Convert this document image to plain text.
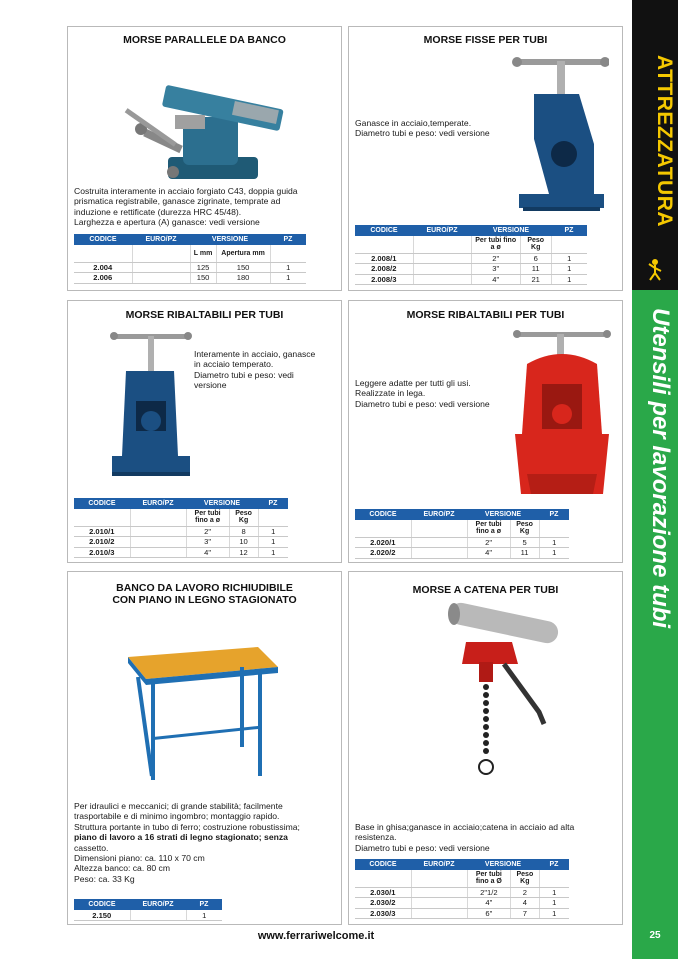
MORSE PARALLELE DA BANCO
Costruita interamente in acciaio forgiato C43, doppia guida
prismatica registrabile, ganasce zigrinate, temprate ad
induzione e rettificate (durezza HRC 45/48).
Larghezza e apertura (A) ganasce: vedi versione
CODICE	EURO/PZ	VERSIONE		PZ
		L mm	Apertura mm	
2.004		125	150	1
2.006		150	180	1
MORSE FISSE PER TUBI
Ganasce in acciaio,temperate.
Diametro tubi e peso: vedi versione
CODICE	EURO/PZ	VERSIONE		PZ
		Per tubi fino a ø	Peso Kg	
2.008/1		2"	6	1
2.008/2		3"	11	1
2.008/3		4"	21	1
MORSE RIBALTABILI PER TUBI
Interamente in acciaio, ganasce
in acciaio temperato.
Diametro tubi e peso: vedi
versione
CODICE	EURO/PZ	VERSIONE		PZ
		Per tubi fino a ø	Peso Kg	
2.010/1		2"	8	1
2.010/2		3"	10	1
2.010/3		4"	12	1
MORSE RIBALTABILI PER TUBI
Leggere adatte per tutti gli usi.
Realizzate in lega.
Diametro tubi e peso: vedi versione
CODICE	EURO/PZ	VERSIONE		PZ
		Per tubi fino a ø	Peso Kg	
2.020/1		2"	5	1
2.020/2		4"	11	1
BANCO DA LAVORO RICHIUDIBILE
CON PIANO IN LEGNO STAGIONATO
Per idraulici e meccanici; di grande stabilità; facilmente
trasportabile e di minimo ingombro; montaggio rapido.
Struttura portante in tubo di ferro; costruzione robustissima;
piano di lavoro a 16 strati di legno stagionato; senza
cassetto.
Dimensioni piano: ca. 110 x 70 cm
Altezza banco: ca. 80 cm
Peso: ca. 33 Kg
CODICE	EURO/PZ	PZ
2.150		1
MORSE A CATENA PER TUBI
Base in ghisa;ganasce in acciaio;catena in acciaio ad alta
resistenza.
Diametro tubi e peso: vedi versione
CODICE	EURO/PZ	VERSIONE		PZ
		Per tubi fino a Ø	Peso Kg	
2.030/1		2"1/2	2	1
2.030/2		4"	4	1
2.030/3		6"	7	1
ATTREZZATURA
Utensili per lavorazione tubi
www.ferrariwelcome.it	25
